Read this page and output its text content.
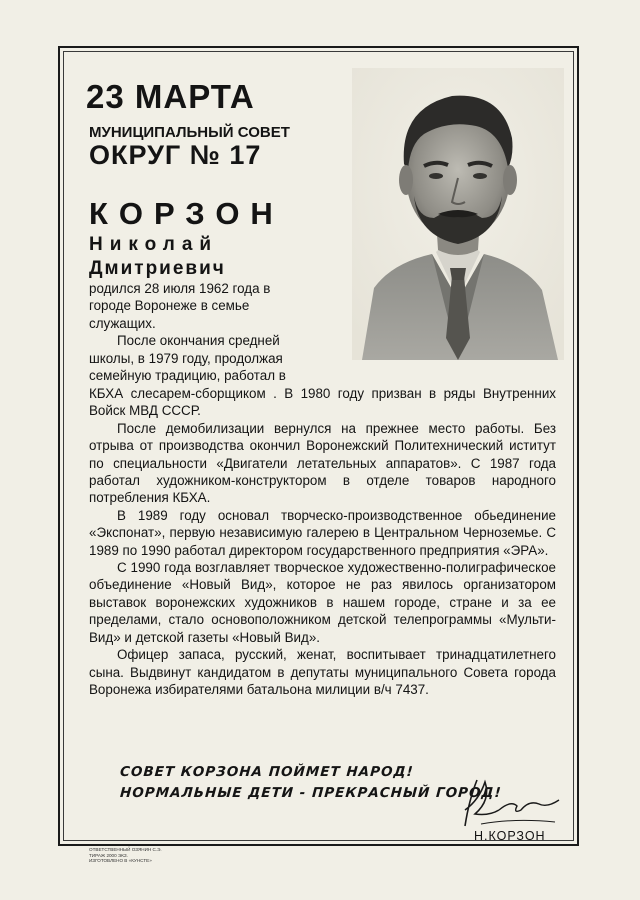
23 МАРТА
МУНИЦИПАЛЬНЫЙ СОВЕТ
ОКРУГ № 17
КОРЗОН
Николай
Дмитриевич
родился 28 июля 1962 года в
городе Воронеже в семье
служащих.
После окончания средней
школы, в 1979 году, продолжая
семейную традицию, работал в
КБХА слесарем-сборщиком . В 1980 году призван в ряды Внутренних Войск МВД СССР.

После демобилизации вернулся на прежнее место работы. Без отрыва от производства окончил Воронежский Политехнический иститут по специальности «Двигатели летательных аппаратов». С 1987 года работал художником-конструктором в отделе товаров народного потребления КБХА.

В 1989 году основал творческо-производственное обьединение «Экспонат», первую независимую галерею в Центральном Черноземье. С 1989 по 1990 работал директором государственного предприятия «ЭРА».

С 1990 года возглавляет творческое художественно-полиграфическое объединение «Новый Вид», которое не раз явилось организатором выставок воронежских художников в нашем городе, стране и за ее пределами, стало основоположником детской телепрограммы «Мульти-Вид» и детской газеты «Новый Вид».

Офицер запаса, русский, женат, воспитывает тринадцатилетнего сына. Выдвинут кандидатом в депутаты муниципального Совета города Воронежа избирателями батальона милиции в/ч 7437.

СОВЕТ КОРЗОНА ПОЙМЕТ НАРОД!
НОРМАЛЬНЫЕ ДЕТИ - ПРЕКРАСНЫЙ ГОРОД!
Н.КОРЗОН
ОТВЕТСТВЕННЫЙ ОЗЯНИН С.Э.
ТИРАЖ 2000 ЭКЗ.
ИЗГОТОВЛЕНО В «КУНСТЕ»
